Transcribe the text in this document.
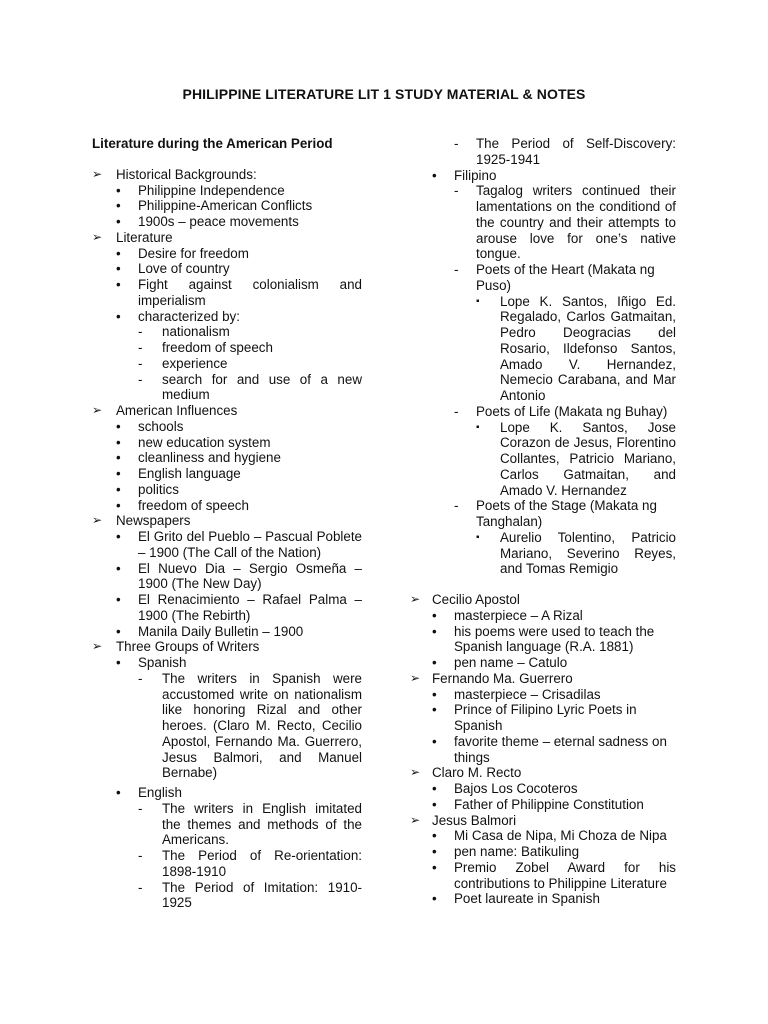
PHILIPPINE LITERATURE LIT 1 STUDY MATERIAL & NOTES
Literature during the American Period
➢ Historical Backgrounds:
• Philippine Independence
• Philippine-American Conflicts
• 1900s – peace movements
➢ Literature
• Desire for freedom
• Love of country
• Fight against colonialism and imperialism
• characterized by:
- nationalism
- freedom of speech
- experience
- search for and use of a new medium
➢ American Influences
• schools
• new education system
• cleanliness and hygiene
• English language
• politics
• freedom of speech
➢ Newspapers
• El Grito del Pueblo – Pascual Poblete – 1900 (The Call of the Nation)
• El Nuevo Dia – Sergio Osmeña – 1900 (The New Day)
• El Renacimiento – Rafael Palma – 1900 (The Rebirth)
• Manila Daily Bulletin – 1900
➢ Three Groups of Writers
• Spanish
- The writers in Spanish were accustomed write on nationalism like honoring Rizal and other heroes. (Claro M. Recto, Cecilio Apostol, Fernando Ma. Guerrero, Jesus Balmori, and Manuel Bernabe)
• English
- The writers in English imitated the themes and methods of the Americans.
- The Period of Re-orientation: 1898-1910
- The Period of Imitation: 1910-1925
- The Period of Self-Discovery: 1925-1941
• Filipino
- Tagalog writers continued their lamentations on the conditiond of the country and their attempts to arouse love for one’s native tongue.
- Poets of the Heart (Makata ng Puso)
▪ Lope K. Santos, Iñigo Ed. Regalado, Carlos Gatmaitan, Pedro Deogracias del Rosario, Ildefonso Santos, Amado V. Hernandez, Nemecio Carabana, and Mar Antonio
- Poets of Life (Makata ng Buhay)
▪ Lope K. Santos, Jose Corazon de Jesus, Florentino Collantes, Patricio Mariano, Carlos Gatmaitan, and Amado V. Hernandez
- Poets of the Stage (Makata ng Tanghalan)
▪ Aurelio Tolentino, Patricio Mariano, Severino Reyes, and Tomas Remigio
➢ Cecilio Apostol
• masterpiece – A Rizal
• his poems were used to teach the Spanish language (R.A. 1881)
• pen name – Catulo
➢ Fernando Ma. Guerrero
• masterpiece – Crisadilas
• Prince of Filipino Lyric Poets in Spanish
• favorite theme – eternal sadness on things
➢ Claro M. Recto
• Bajos Los Cocoteros
• Father of Philippine Constitution
➢ Jesus Balmori
• Mi Casa de Nipa, Mi Choza de Nipa
• pen name: Batikuling
• Premio Zobel Award for his contributions to Philippine Literature
• Poet laureate in Spanish
